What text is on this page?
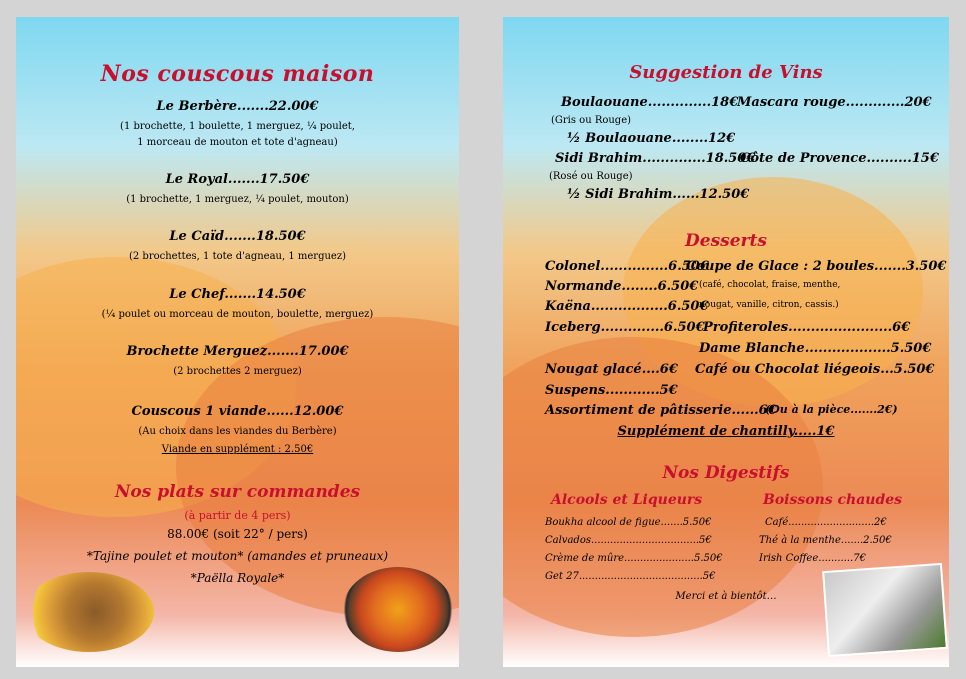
Nos couscous maison
Le Berbère.......22.00€
(1 brochette, 1 boulette, 1 merguez, ¼ poulet,
1 morceau de mouton et tote d'agneau)
Le Royal.......17.50€
(1 brochette, 1 merguez, ¼ poulet, mouton)
Le Caïd.......18.50€
(2 brochettes, 1 tote d'agneau, 1 merguez)
Le Chef.......14.50€
(¼ poulet ou morceau de mouton, boulette, merguez)
Brochette Merguez.......17.00€
(2 brochettes 2 merguez)
Couscous 1 viande......12.00€
(Au choix dans les viandes du Berbère)
Viande en supplément : 2.50€
Nos plats sur commandes
(à partir de 4 pers)
88.00€ (soit 22° / pers)
*Tajine poulet et mouton* (amandes et pruneaux)
*Paëlla Royale*
Suggestion de Vins
Boulaouane..............18€
(Gris ou Rouge)
½ Boulaouane........12€
Sidi Brahim..............18.50€
(Rosé ou Rouge)
½ Sidi Brahim......12.50€
Mascara rouge.............20€
Côte de Provence..........15€
Desserts
Colonel...............6.50€
Normande........6.50€
Kaëna.................6.50€
Iceberg..............6.50€
Nougat glacé....6€
Suspens............5€
Assortiment de pâtisserie......6€
(Ou à la pièce.......2€)
Supplément de chantilly.....1€
Coupe de Glace : 2 boules.......3.50€
(café, chocolat, fraise, menthe,
nougat, vanille, citron, cassis.)
Profiteroles.......................6€
Dame Blanche...................5.50€
Café ou Chocolat liégeois...5.50€
Nos Digestifs
Alcools et Liqueurs	Boissons chaudes
Boukha alcool de figue.......5.50€
Calvados..................................5€
Crème de mûre......................5.50€
Get 27.......................................5€
Café...........................2€
Thé à la menthe.......2.50€
Irish Coffee...........7€
Merci et à bientôt…
